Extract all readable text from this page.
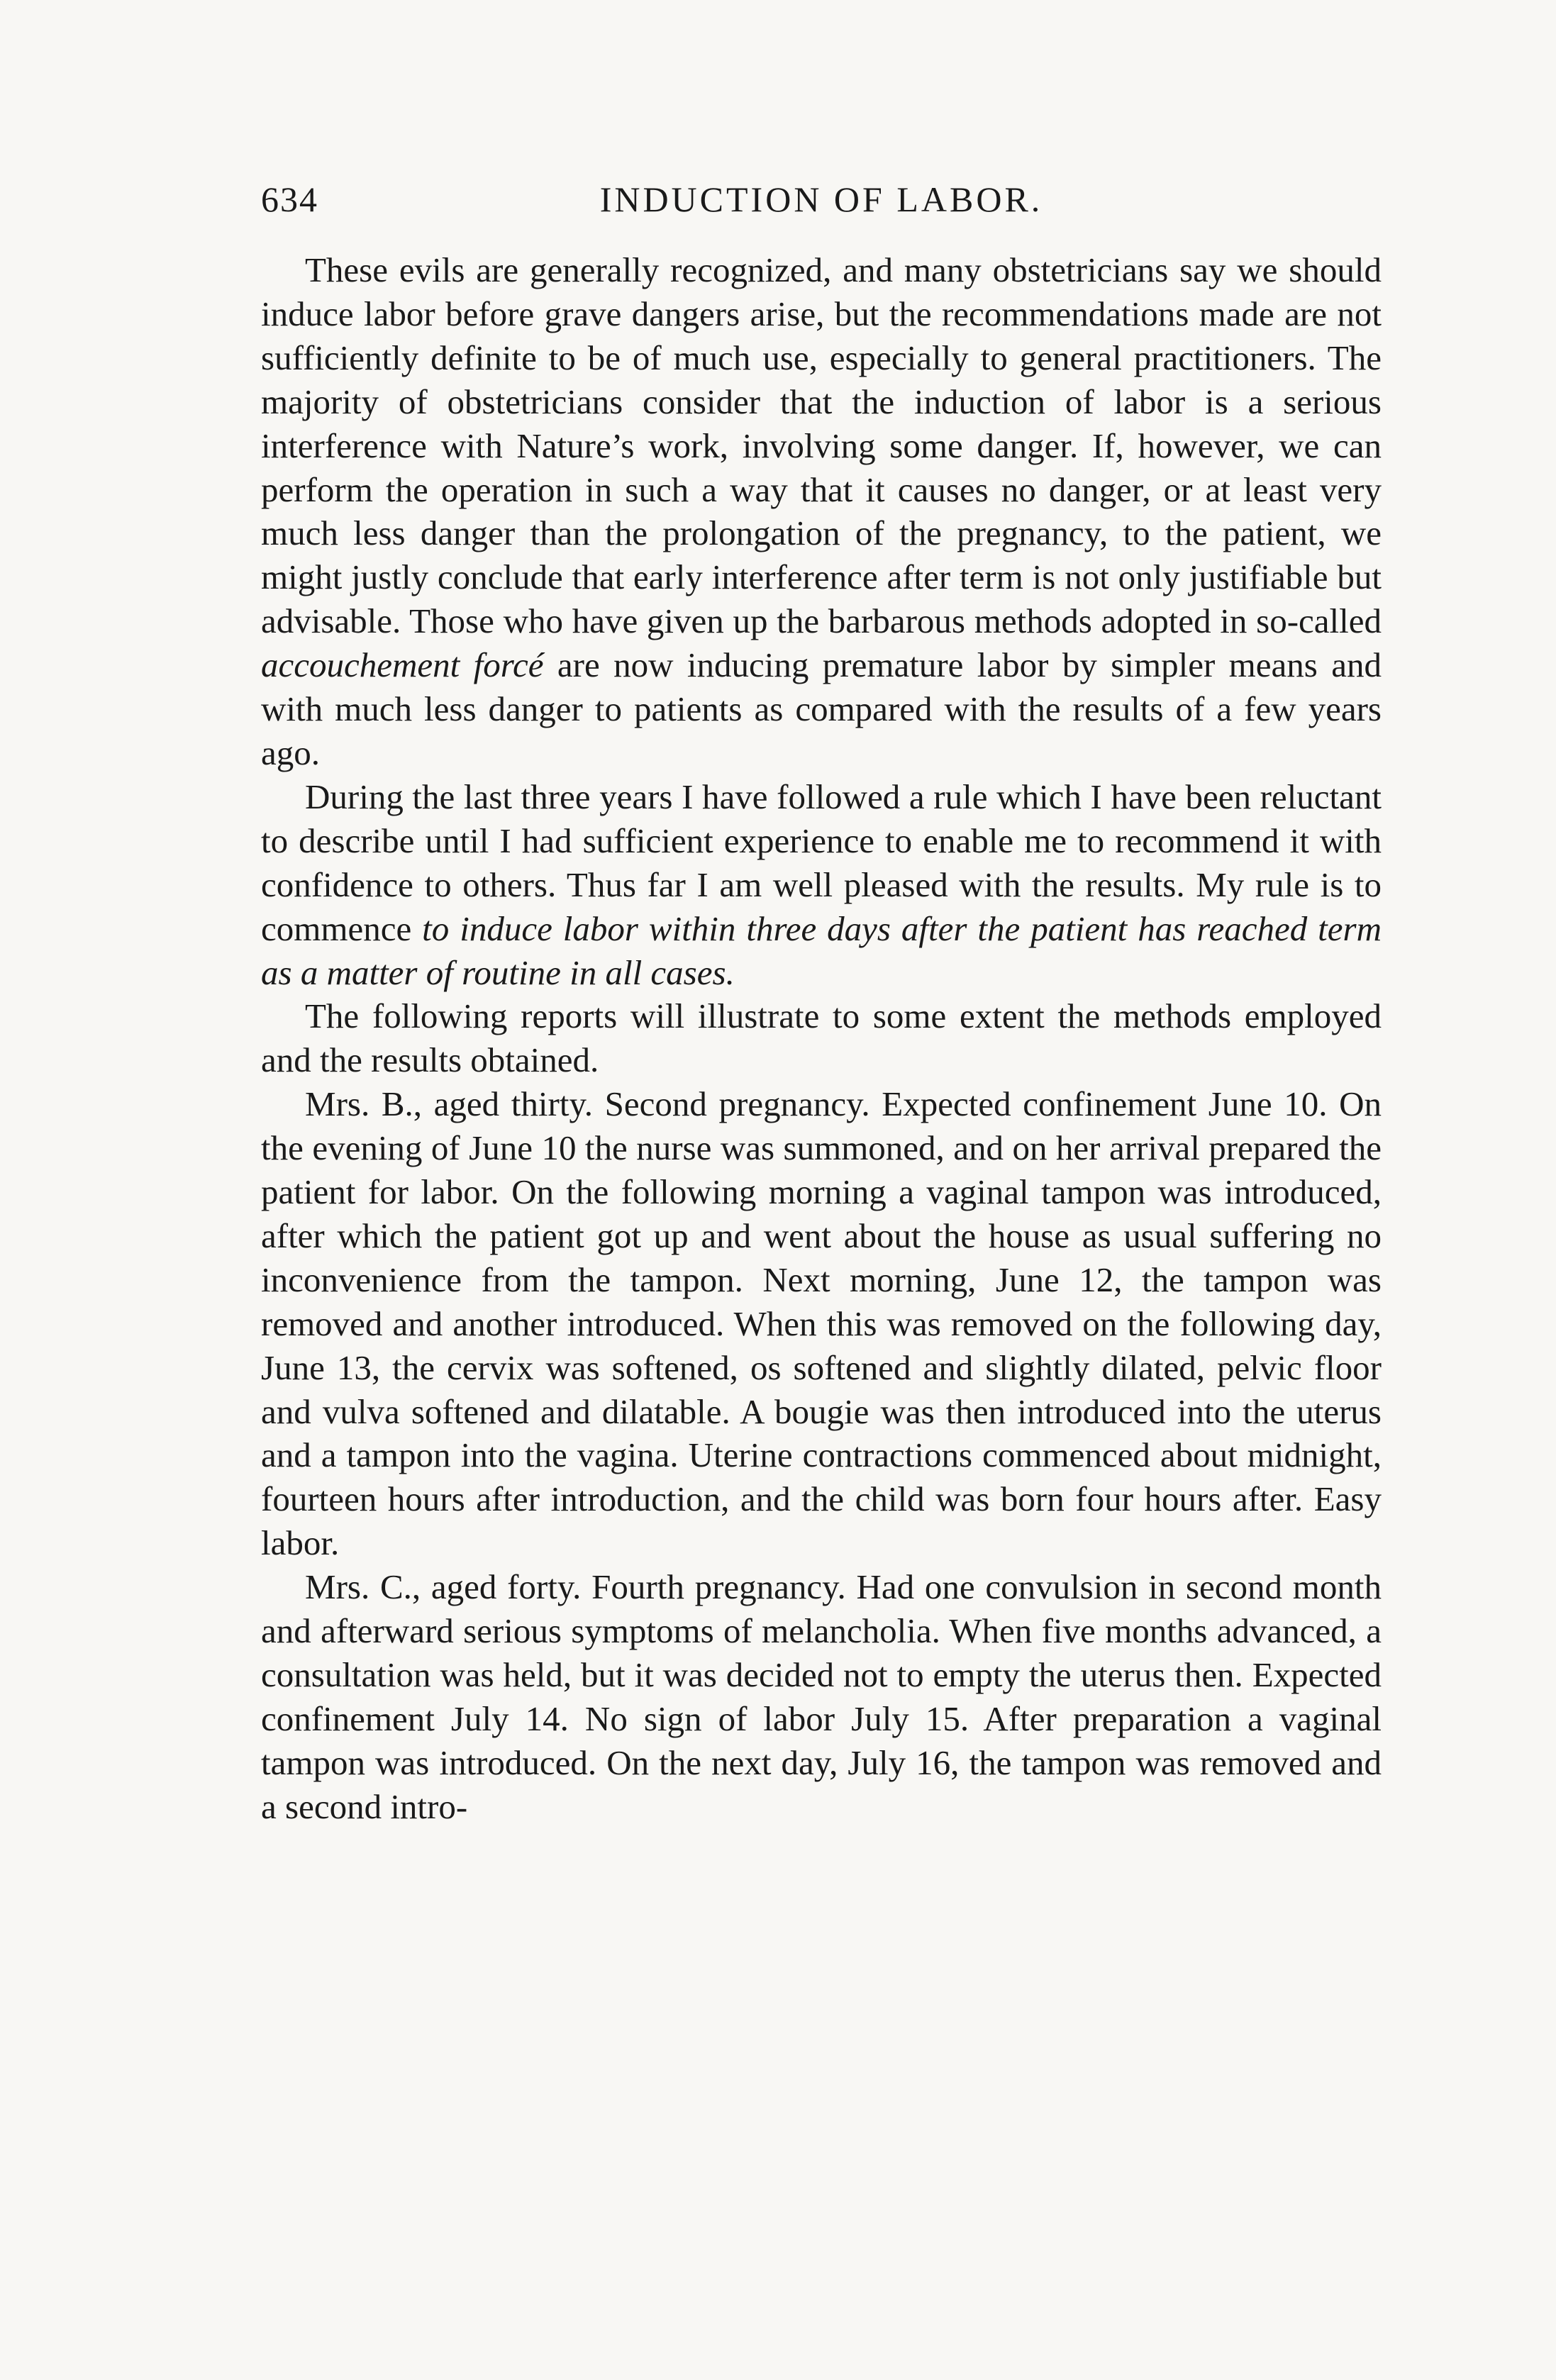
634	INDUCTION OF LABOR.

These evils are generally recognized, and many obstetricians say we should induce labor before grave dangers arise, but the recommendations made are not sufficiently definite to be of much use, especially to general practitioners. The majority of obstetricians consider that the induction of labor is a serious interference with Nature’s work, involving some danger. If, however, we can perform the operation in such a way that it causes no danger, or at least very much less danger than the prolongation of the pregnancy, to the patient, we might justly conclude that early interference after term is not only justifiable but advisable. Those who have given up the barbarous methods adopted in so-called accouchement forcé are now inducing premature labor by simpler means and with much less danger to patients as compared with the results of a few years ago.

During the last three years I have followed a rule which I have been reluctant to describe until I had sufficient experience to enable me to recommend it with confidence to others. Thus far I am well pleased with the results. My rule is to commence to induce labor within three days after the patient has reached term as a matter of routine in all cases.

The following reports will illustrate to some extent the methods employed and the results obtained.

Mrs. B., aged thirty. Second pregnancy. Expected confinement June 10. On the evening of June 10 the nurse was summoned, and on her arrival prepared the patient for labor. On the following morning a vaginal tampon was introduced, after which the patient got up and went about the house as usual suffering no inconvenience from the tampon. Next morning, June 12, the tampon was removed and another introduced. When this was removed on the following day, June 13, the cervix was softened, os softened and slightly dilated, pelvic floor and vulva softened and dilatable. A bougie was then introduced into the uterus and a tampon into the vagina. Uterine contractions commenced about midnight, fourteen hours after introduction, and the child was born four hours after. Easy labor.

Mrs. C., aged forty. Fourth pregnancy. Had one convulsion in second month and afterward serious symptoms of melancholia. When five months advanced, a consultation was held, but it was decided not to empty the uterus then. Expected confinement July 14. No sign of labor July 15. After preparation a vaginal tampon was introduced. On the next day, July 16, the tampon was removed and a second intro-
